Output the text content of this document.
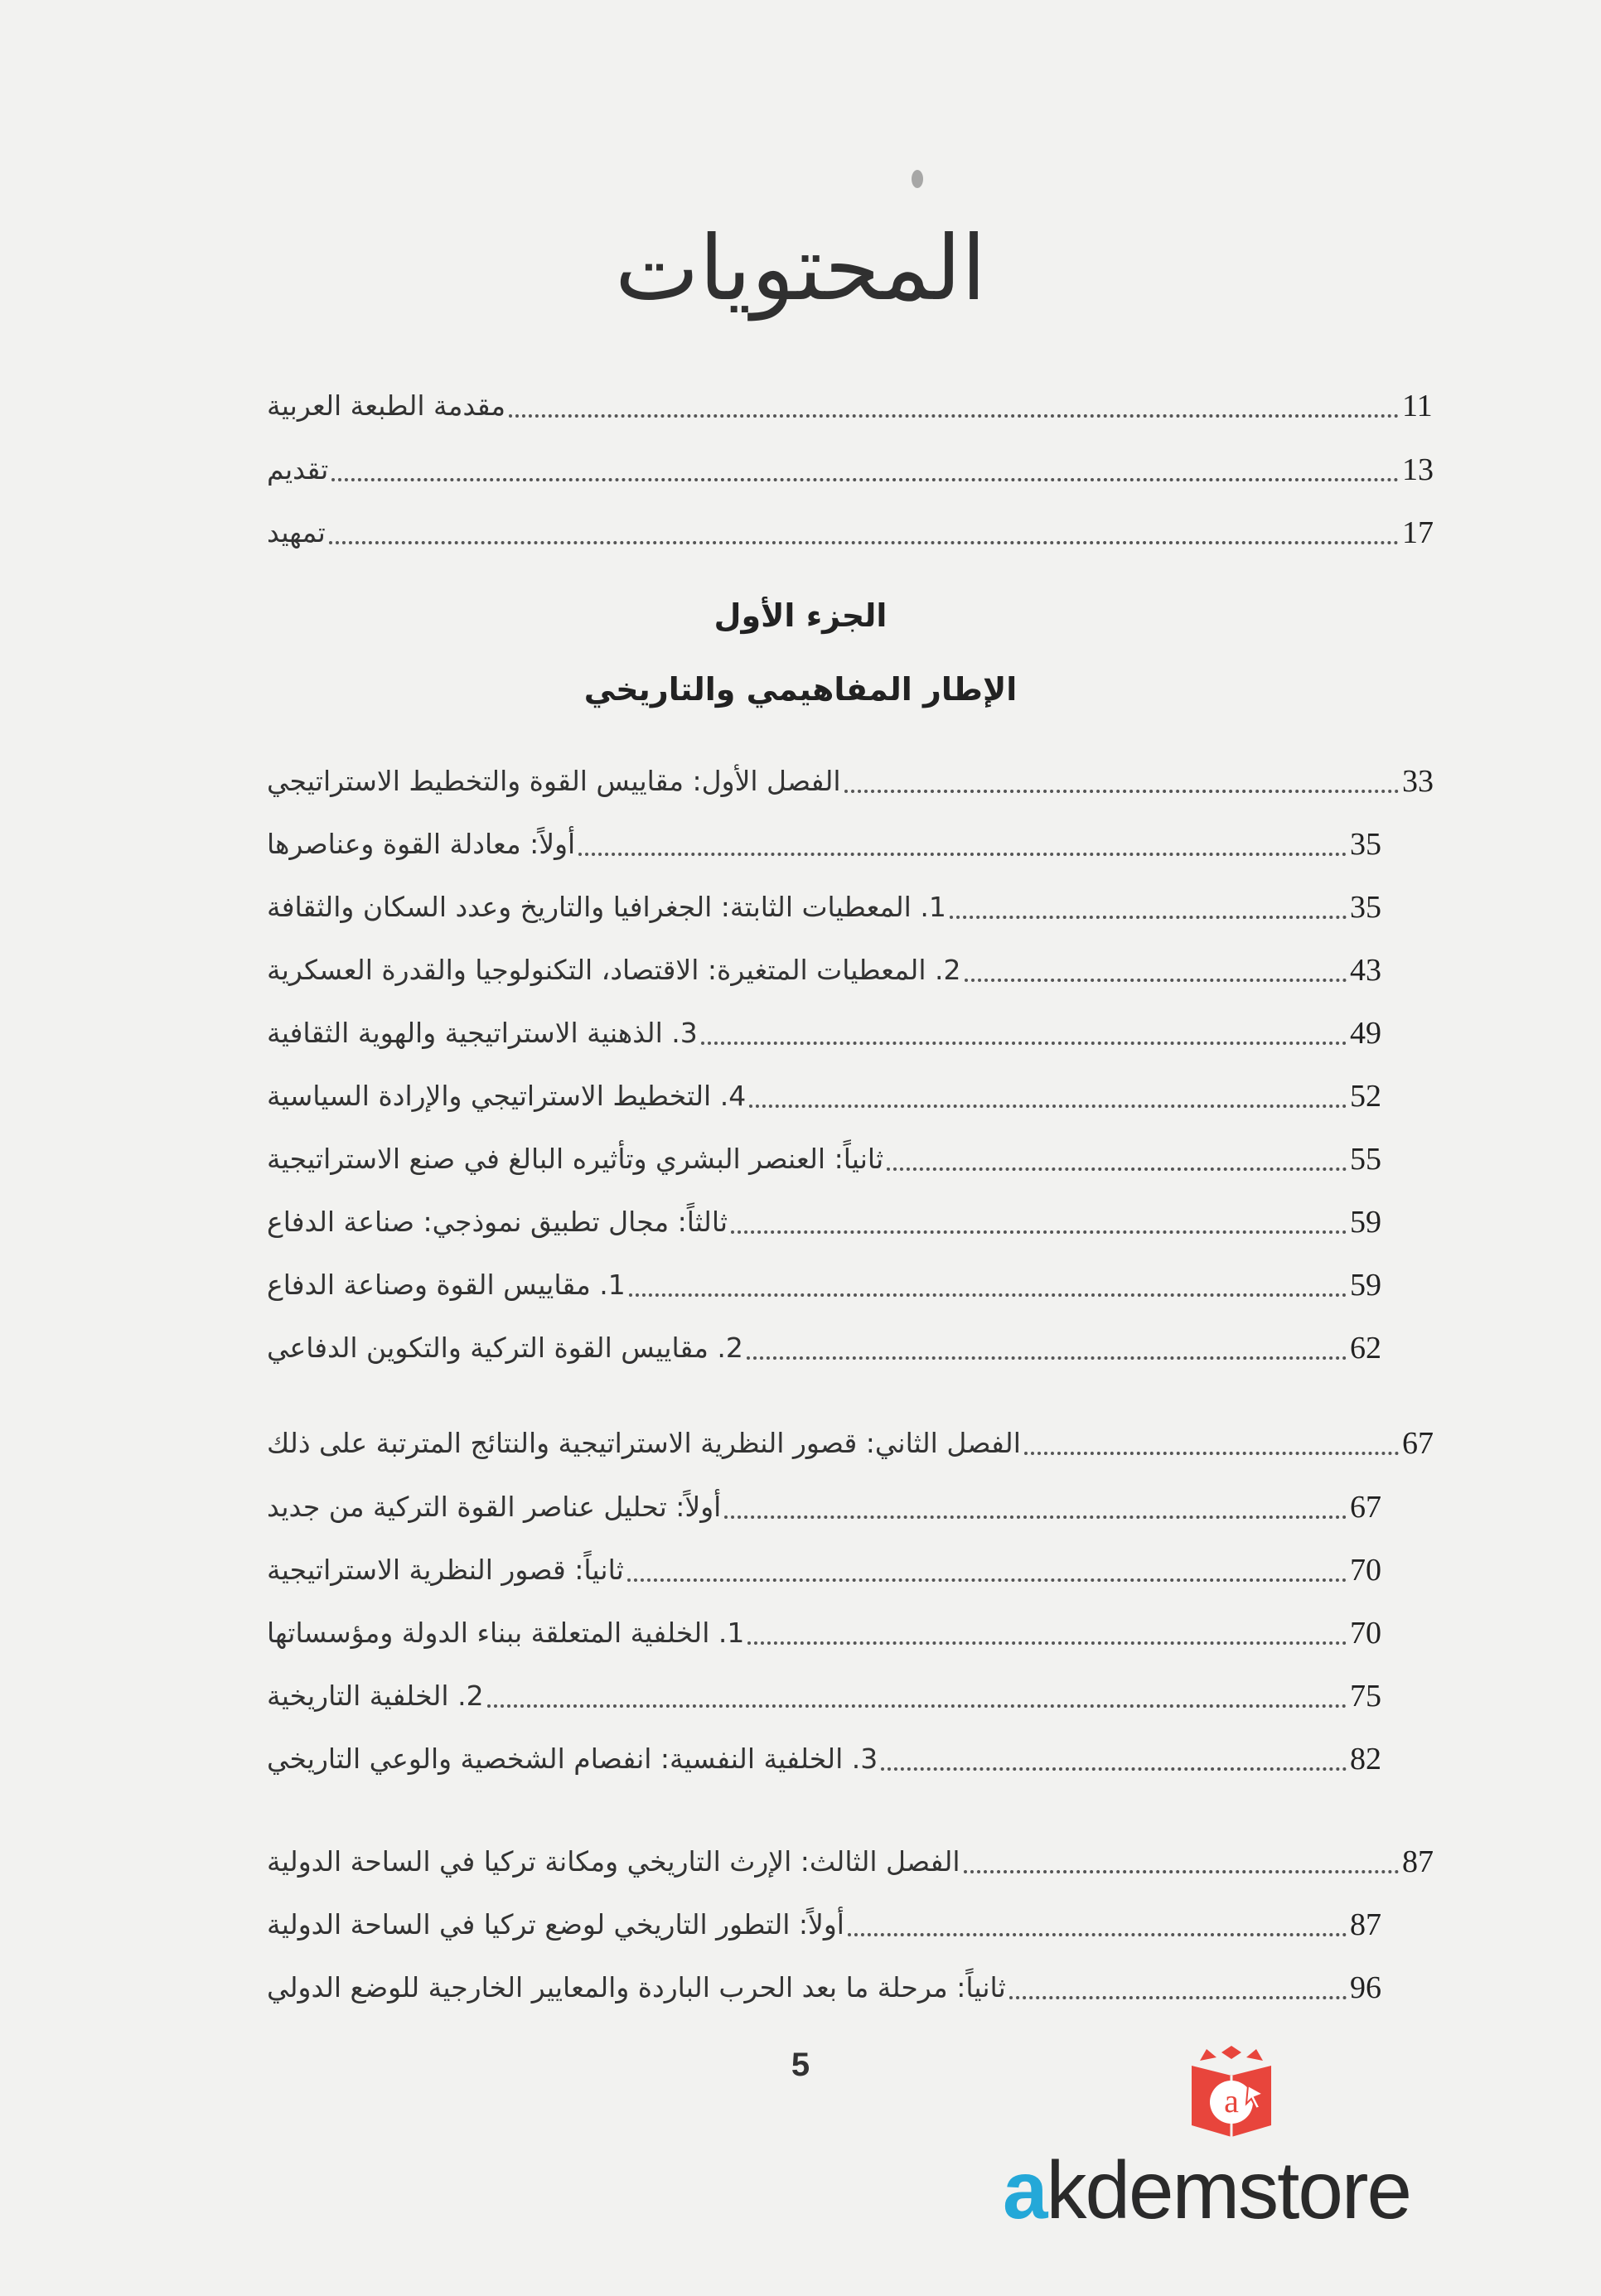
المحتويات
مقدمة الطبعة العربية	11
تقديم	13
تمهيد	17
الجزء الأول
الإطار المفاهيمي والتاريخي
الفصل الأول: مقاييس القوة والتخطيط الاستراتيجي	33
أولاً: معادلة القوة وعناصرها	35
1. المعطيات الثابتة: الجغرافيا والتاريخ وعدد السكان والثقافة	35
2. المعطيات المتغيرة: الاقتصاد، التكنولوجيا والقدرة العسكرية	43
3. الذهنية الاستراتيجية والهوية الثقافية	49
4. التخطيط الاستراتيجي والإرادة السياسية	52
ثانياً: العنصر البشري وتأثيره البالغ في صنع الاستراتيجية	55
ثالثاً: مجال تطبيق نموذجي: صناعة الدفاع	59
1. مقاييس القوة وصناعة الدفاع	59
2. مقاييس القوة التركية والتكوين الدفاعي	62
الفصل الثاني: قصور النظرية الاستراتيجية والنتائج المترتبة على ذلك	67
أولاً: تحليل عناصر القوة التركية من جديد	67
ثانياً: قصور النظرية الاستراتيجية	70
1. الخلفية المتعلقة ببناء الدولة ومؤسساتها	70
2. الخلفية التاريخية	75
3. الخلفية النفسية: انفصام الشخصية والوعي التاريخي	82
الفصل الثالث: الإرث التاريخي ومكانة تركيا في الساحة الدولية	87
أولاً: التطور التاريخي لوضع تركيا في الساحة الدولية	87
ثانياً: مرحلة ما بعد الحرب الباردة والمعايير الخارجية للوضع الدولي	96
5
a
akdemstore
